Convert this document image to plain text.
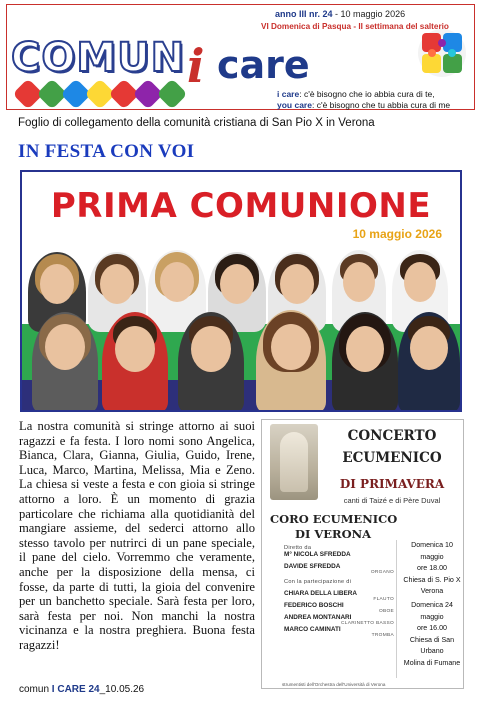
COMUN i care
anno III nr. 24 - 10 maggio 2026
VI Domenica di Pasqua - II settimana del salterio
i care: c'è bisogno che io abbia cura di te,
you care: c'è bisogno che tu abbia cura di me
Foglio di collegamento della comunità cristiana di San Pio X in Verona
IN FESTA CON VOI
PRIMA COMUNIONE
10 maggio 2026
La nostra comunità si stringe attorno ai suoi ragazzi e fa festa. I loro nomi sono Angelica, Bianca, Clara, Gianna, Giulia, Guido, Irene, Luca, Marco, Martina, Melissa, Mia e Zeno. La chiesa si veste a festa e con gioia si stringe attorno a loro. È un momento di grazia particolare che richiama alla quotidianità del mangiare assieme, del sederci attorno allo stesso tavolo per nutrirci di un pane speciale, il pane del cielo. Vorremmo che veramente, anche per la disposizione della mensa, ci fosse, da parte di tutti, la gioia del convenire per un banchetto speciale. Sarà festa per loro, sarà festa per noi. Non manchi la nostra vicinanza e la nostra preghiera. Buona festa ragazzi!
comun I CARE 24_10.05.26
CONCERTO
ECUMENICO
DI PRIMAVERA
canti di Taizé e di Père Duval
CORO ECUMENICO
DI VERONA
Diretto da
M° NICOLA SFREDDA
DAVIDE SFREDDA
ORGANO
Con la partecipazione di
CHIARA DELLA LIBERA
FLAUTO
FEDERICO BOSCHI
OBOE
ANDREA MONTANARI
CLARINETTO BASSO
MARCO CAMINATI
TROMBA
Domenica 10 maggio
ore 18.00
Chiesa di S. Pio X
Verona
Domenica 24 maggio
ore 16.00
Chiesa di San Urbano
Molina di Fumane
strumentisti dell'Orchestra dell'Università di Verona
